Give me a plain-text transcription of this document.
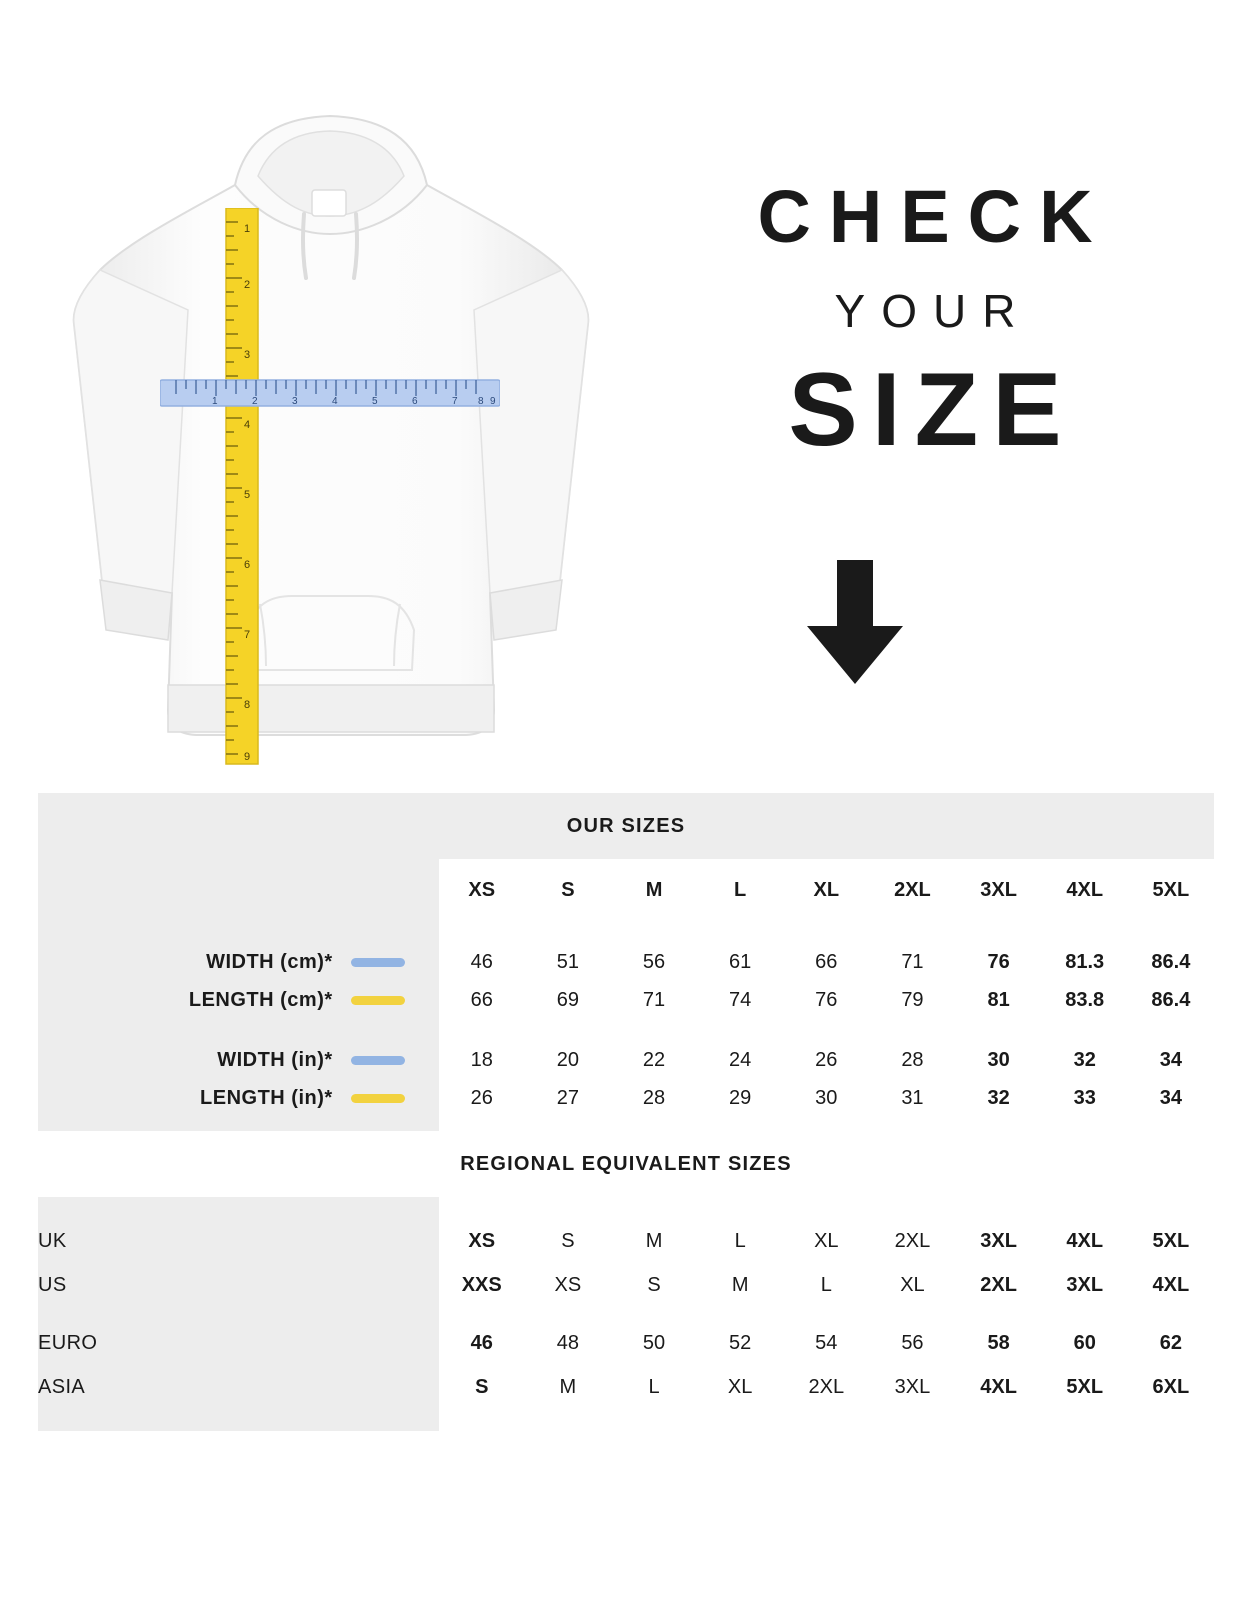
1
2
3
4
5
6
7
8
9
1	2	3	4	5	6	7 8 9
CHECK
YOUR
SIZE
OUR SIZES									
	XS	S	M	L	XL	2XL	3XL	4XL	5XL

WIDTH (cm)*	46	51	56	61	66	71	76	81.3	86.4

LENGTH (cm)*	66	69	71	74	76	79	81	83.8	86.4

WIDTH (in)*	18	20	22	24	26	28	30	32	34

LENGTH (in)*	26	27	28	29	30	31	32	33	34

REGIONAL EQUIVALENT SIZES									

UK	XS	S	M	L	XL	2XL	3XL	4XL	5XL
US	XXS	XS	S	M	L	XL	2XL	3XL	4XL

EURO	46	48	50	52	54	56	58	60	62
ASIA	S	M	L	XL	2XL	3XL	4XL	5XL	6XL
